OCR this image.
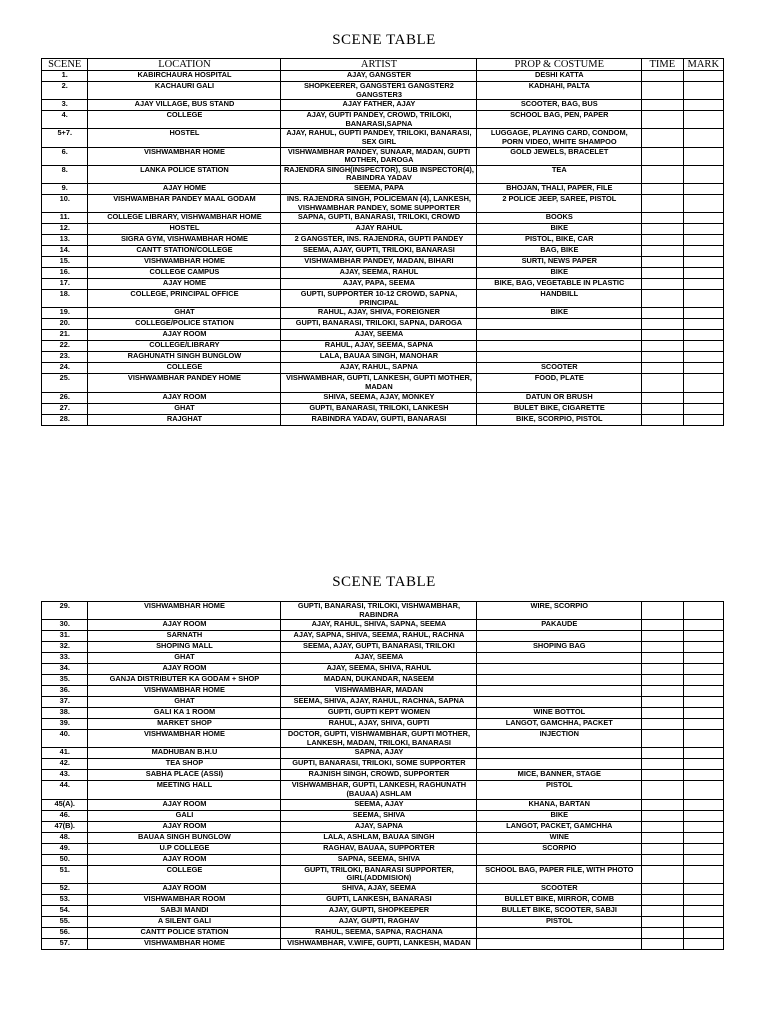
SCENE TABLE
SCENE	LOCATION	ARTIST	PROP & COSTUME	TIME	MARK
1.	KABIRCHAURA HOSPITAL	AJAY, GANGSTER	DESHI KATTA		
2.	KACHAURI GALI	SHOPKEERER, GANGSTER1 GANGSTER2 GANGSTER3	KADHAHI, PALTA		
3.	AJAY VILLAGE, BUS STAND	AJAY FATHER, AJAY	SCOOTER, BAG, BUS		
4.	COLLEGE	AJAY, GUPTI PANDEY, CROWD, TRILOKI, BANARASI,SAPNA	SCHOOL BAG, PEN, PAPER		
5+7.	HOSTEL	AJAY, RAHUL, GUPTI PANDEY, TRILOKI, BANARASI, SEX GIRL	LUGGAGE, PLAYING CARD, CONDOM, PORN VIDEO, WHITE SHAMPOO		
6.	VISHWAMBHAR HOME	VISHWAMBHAR PANDEY, SUNAAR, MADAN, GUPTI MOTHER, DAROGA	GOLD JEWELS, BRACELET		
8.	LANKA POLICE STATION	RAJENDRA SINGH(INSPECTOR), SUB INSPECTOR(4), RABINDRA YADAV	TEA		
9.	AJAY HOME	SEEMA, PAPA	BHOJAN, THALI, PAPER, FILE		
10.	VISHWAMBHAR PANDEY MAAL GODAM	INS. RAJENDRA SINGH, POLICEMAN (4), LANKESH, VISHWAMBHAR PANDEY, SOME SUPPORTER	2 POLICE JEEP, SAREE, PISTOL		
11.	COLLEGE LIBRARY, VISHWAMBHAR HOME	SAPNA, GUPTI, BANARASI, TRILOKI, CROWD	BOOKS		
12.	HOSTEL	AJAY RAHUL	BIKE		
13.	SIGRA GYM, VISHWAMBHAR HOME	2 GANGSTER, INS. RAJENDRA, GUPTI PANDEY	PISTOL, BIKE, CAR		
14.	CANTT STATION/COLLEGE	SEEMA, AJAY, GUPTI, TRILOKI, BANARASI	BAG, BIKE		
15.	VISHWAMBHAR HOME	VISHWAMBHAR PANDEY, MADAN, BIHARI	SURTI, NEWS PAPER		
16.	COLLEGE CAMPUS	AJAY, SEEMA, RAHUL	BIKE		
17.	AJAY HOME	AJAY, PAPA, SEEMA	BIKE, BAG, VEGETABLE IN PLASTIC		
18.	COLLEGE, PRINCIPAL OFFICE	GUPTI, SUPPORTER 10-12 CROWD, SAPNA, PRINCIPAL	HANDBILL		
19.	GHAT	RAHUL, AJAY, SHIVA, FOREIGNER	BIKE		
20.	COLLEGE/POLICE STATION	GUPTI, BANARASI, TRILOKI, SAPNA, DAROGA			
21.	AJAY ROOM	AJAY, SEEMA			
22.	COLLEGE/LIBRARY	RAHUL, AJAY, SEEMA, SAPNA			
23.	RAGHUNATH SINGH BUNGLOW	LALA, BAUAA SINGH, MANOHAR			
24.	COLLEGE	AJAY, RAHUL, SAPNA	SCOOTER		
25.	VISHWAMBHAR PANDEY HOME	VISHWAMBHAR, GUPTI, LANKESH, GUPTI MOTHER, MADAN	FOOD, PLATE		
26.	AJAY ROOM	SHIVA, SEEMA, AJAY, MONKEY	DATUN OR BRUSH		
27.	GHAT	GUPTI, BANARASI, TRILOKI, LANKESH	BULET BIKE, CIGARETTE		
28.	RAJGHAT	RABINDRA YADAV, GUPTI, BANARASI	BIKE, SCORPIO, PISTOL		
SCENE TABLE
29.	VISHWAMBHAR HOME	GUPTI, BANARASI, TRILOKI, VISHWAMBHAR, RABINDRA	WIRE, SCORPIO		
30.	AJAY ROOM	AJAY, RAHUL, SHIVA, SAPNA, SEEMA	PAKAUDE		
31.	SARNATH	AJAY, SAPNA, SHIVA, SEEMA, RAHUL, RACHNA			
32.	SHOPING MALL	SEEMA, AJAY, GUPTI, BANARASI, TRILOKI	SHOPING BAG		
33.	GHAT	AJAY, SEEMA			
34.	AJAY ROOM	AJAY, SEEMA, SHIVA, RAHUL			
35.	GANJA DISTRIBUTER KA GODAM + SHOP	MADAN, DUKANDAR, NASEEM			
36.	VISHWAMBHAR HOME	VISHWAMBHAR, MADAN			
37.	GHAT	SEEMA, SHIVA, AJAY, RAHUL, RACHNA, SAPNA			
38.	GALI KA 1 ROOM	GUPTI, GUPTI KEPT WOMEN	WINE BOTTOL		
39.	MARKET SHOP	RAHUL, AJAY, SHIVA, GUPTI	LANGOT, GAMCHHA, PACKET		
40.	VISHWAMBHAR HOME	DOCTOR, GUPTI, VISHWAMBHAR, GUPTI MOTHER, LANKESH, MADAN, TRILOKI, BANARASI	INJECTION		
41.	MADHUBAN B.H.U	SAPNA, AJAY			
42.	TEA SHOP	GUPTI, BANARASI, TRILOKI, SOME SUPPORTER			
43.	SABHA PLACE (ASSI)	RAJNISH SINGH, CROWD, SUPPORTER	MICE, BANNER, STAGE		
44.	MEETING HALL	VISHWAMBHAR, GUPTI, LANKESH, RAGHUNATH (BAUAA) ASHLAM	PISTOL		
45(A).	AJAY ROOM	SEEMA, AJAY	KHANA, BARTAN		
46.	GALI	SEEMA, SHIVA	BIKE		
47(B).	AJAY ROOM	AJAY, SAPNA	LANGOT, PACKET, GAMCHHA		
48.	BAUAA SINGH BUNGLOW	LALA, ASHLAM, BAUAA SINGH	WINE		
49.	U.P COLLEGE	RAGHAV, BAUAA, SUPPORTER	SCORPIO		
50.	AJAY ROOM	SAPNA, SEEMA, SHIVA			
51.	COLLEGE	GUPTI, TRILOKI, BANARASI SUPPORTER, GIRL(ADDMISION)	SCHOOL BAG, PAPER FILE, WITH PHOTO		
52.	AJAY ROOM	SHIVA, AJAY, SEEMA	SCOOTER		
53.	VISHWAMBHAR ROOM	GUPTI, LANKESH, BANARASI	BULLET BIKE, MIRROR, COMB		
54.	SABJI MANDI	AJAY, GUPTI, SHOPKEEPER	BULLET BIKE, SCOOTER, SABJI		
55.	A SILENT GALI	AJAY, GUPTI, RAGHAV	PISTOL		
56.	CANTT POLICE STATION	RAHUL, SEEMA, SAPNA, RACHANA			
57.	VISHWAMBHAR HOME	VISHWAMBHAR, V.WIFE, GUPTI, LANKESH, MADAN			
